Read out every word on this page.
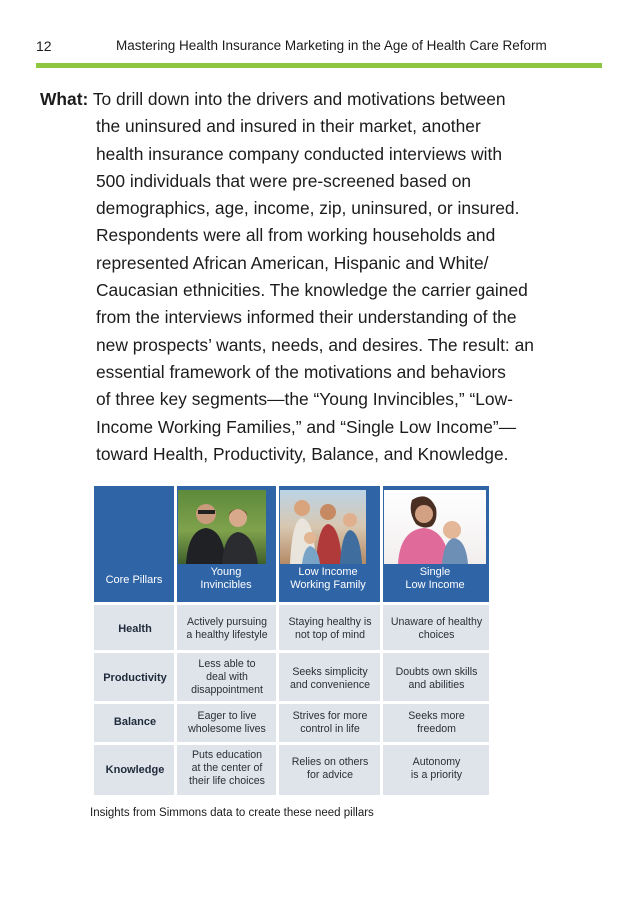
12	Mastering Health Insurance Marketing in the Age of Health Care Reform
What: To drill down into the drivers and motivations between
the uninsured and insured in their market, another
health insurance company conducted interviews with
500 individuals that were pre-screened based on
demographics, age, income, zip, uninsured, or insured.
Respondents were all from working households and
represented African American, Hispanic and White/
Caucasian ethnicities. The knowledge the carrier gained
from the interviews informed their understanding of the
new prospects’ wants, needs, and desires. The result: an
essential framework of the motivations and behaviors
of three key segments—the “Young Invincibles,” “Low-
Income Working Families,” and “Single Low Income”—
toward Health, Productivity, Balance, and Knowledge.
Young
Invincibles
Low Income
Working Family
Single
Low Income
Core Pillars
Health
Actively pursuing
a healthy lifestyle
Staying healthy is
not top of mind
Unaware of healthy
choices
Productivity
Less able to
deal with
disappointment
Seeks simplicity
and convenience
Doubts own skills
and abilities
Balance	Eager to live
wholesome lives
Strives for more
control in life
Seeks more
freedom
Knowledge
Puts education
at the center of
their life choices
Relies on others
for advice
Autonomy
is a priority
Insights from Simmons data to create these need pillars
